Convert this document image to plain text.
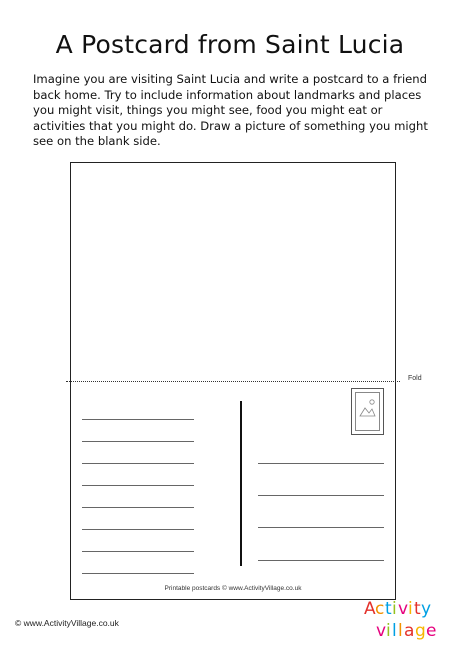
A Postcard from Saint Lucia

Imagine you are visiting Saint Lucia and write a postcard to a friend back home. Try to include information about landmarks and places you might visit, things you might see, food you might eat or activities that you might do. Draw a picture of something you might see on the blank side.

Fold
Printable postcards © www.ActivityVillage.co.uk
© www.ActivityVillage.co.uk
A c t i v i t y
v i l l a g e
